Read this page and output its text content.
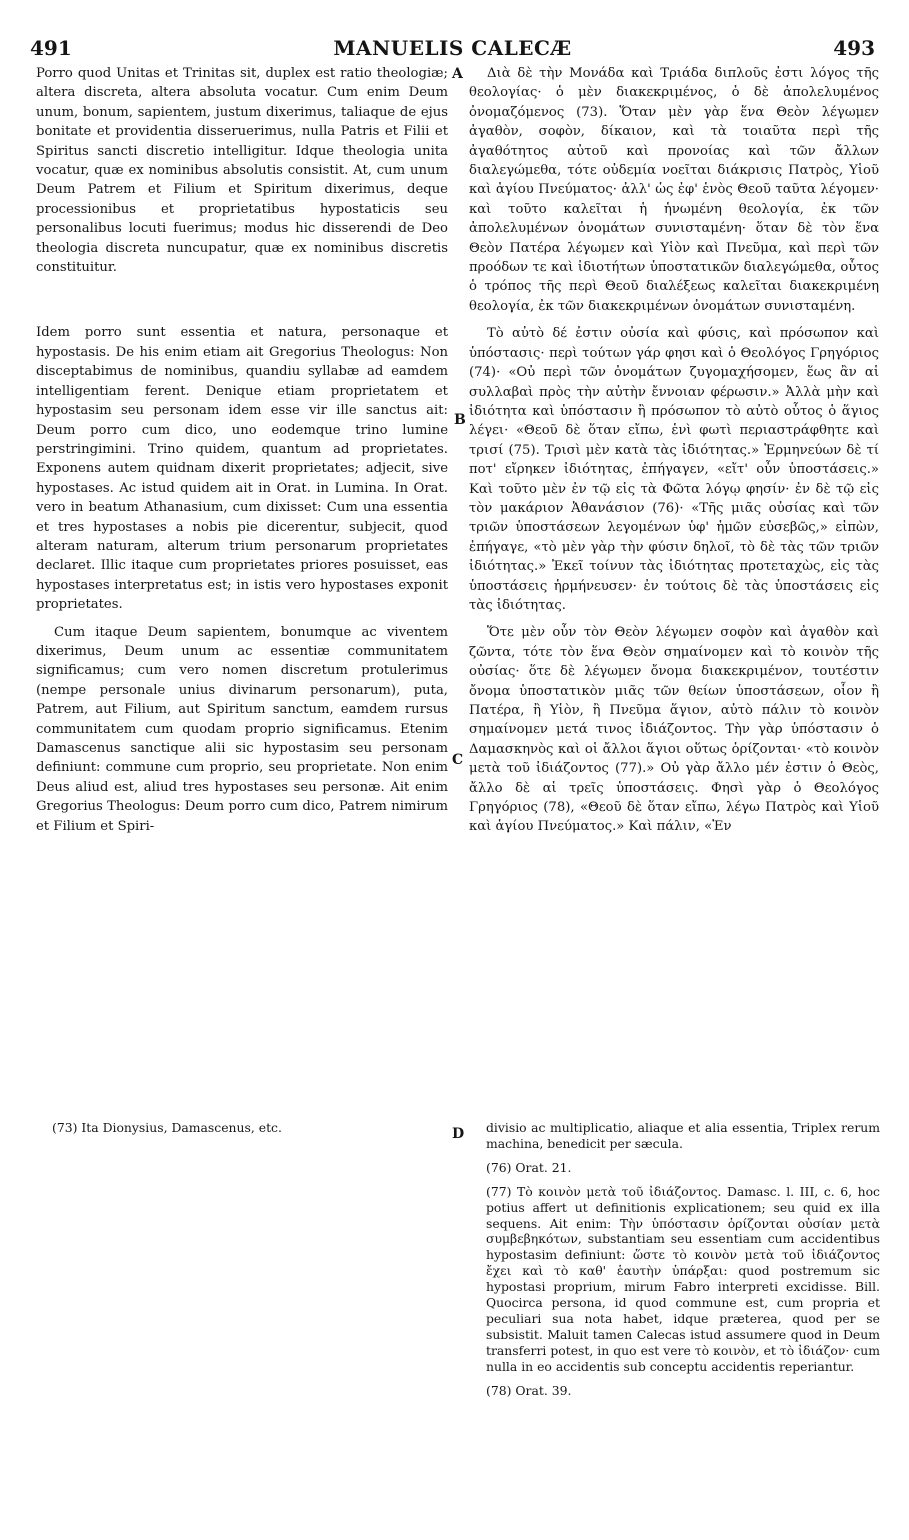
491	MANUELIS CALECÆ	493

Porro quod Unitas et Trinitas sit, duplex est ratio theologiæ; altera discreta, altera absoluta vocatur. Cum enim Deum unum, bonum, sapientem, justum dixerimus, taliaque de ejus bonitate et providentia disseruerimus, nulla Patris et Filii et Spiritus sancti discretio intelligitur. Idque theologia unita vocatur, quæ ex nominibus absolutis consistit. At, cum unum Deum Patrem et Filium et Spiritum dixerimus, deque processionibus et proprietatibus hypostaticis seu personalibus locuti fuerimus; modus hic disserendi de Deo theologia discreta nuncupatur, quæ ex nominibus discretis constituitur.

Idem porro sunt essentia et natura, personaque et hypostasis. De his enim etiam ait Gregorius Theologus: Non disceptabimus de nominibus, quandiu syllabæ ad eamdem intelligentiam ferent. Denique etiam proprietatem et hypostasim seu personam idem esse vir ille sanctus ait: Deum porro cum dico, uno eodemque trino lumine perstringimini. Trino quidem, quantum ad proprietates. Exponens autem quidnam dixerit proprietates; adjecit, sive hypostases. Ac istud quidem ait in Orat. in Lumina. In Orat. vero in beatum Athanasium, cum dixisset: Cum una essentia et tres hypostases a nobis pie dicerentur, subjecit, quod alteram naturam, alterum trium personarum proprietates declaret. Illic itaque cum proprietates priores posuisset, eas hypostases interpretatus est; in istis vero hypostases exponit proprietates.

Cum itaque Deum sapientem, bonumque ac viventem dixerimus, Deum unum ac essentiæ communitatem significamus; cum vero nomen discretum protulerimus (nempe personale unius divinarum personarum), puta, Patrem, aut Filium, aut Spiritum sanctum, eamdem rursus communitatem cum quodam proprio significamus. Etenim Damascenus sanctique alii sic hypostasim seu personam definiunt: commune cum proprio, seu proprietate. Non enim Deus aliud est, aliud tres hypostases seu personæ. Ait enim Gregorius Theologus: Deum porro cum dico, Patrem nimirum et Filium et Spiri-

A
B
C
D

Διὰ δὲ τὴν Μονάδα καὶ Τριάδα διπλοῦς ἐστι λόγος τῆς θεολογίας· ὁ μὲν διακεκριμένος, ὁ δὲ ἀπολελυμένος ὀνομαζόμενος (73). Ὅταν μὲν γὰρ ἕνα Θεὸν λέγωμεν ἀγαθὸν, σοφὸν, δίκαιον, καὶ τὰ τοιαῦτα περὶ τῆς ἀγαθότητος αὐτοῦ καὶ προνοίας καὶ τῶν ἄλλων διαλεγώμεθα, τότε οὐδεμία νοεῖται διάκρισις Πατρὸς, Υἱοῦ καὶ ἁγίου Πνεύματος· ἀλλ' ὡς ἐφ' ἑνὸς Θεοῦ ταῦτα λέγομεν· καὶ τοῦτο καλεῖται ἡ ἡνωμένη θεολογία, ἐκ τῶν ἀπολελυμένων ὀνομάτων συνισταμένη· ὅταν δὲ τὸν ἕνα Θεὸν Πατέρα λέγωμεν καὶ Υἱὸν καὶ Πνεῦμα, καὶ περὶ τῶν προόδων τε καὶ ἰδιοτήτων ὑποστατικῶν διαλεγώμεθα, οὗτος ὁ τρόπος τῆς περὶ Θεοῦ διαλέξεως καλεῖται διακεκριμένη θεολογία, ἐκ τῶν διακεκριμένων ὀνομάτων συνισταμένη.

Τὸ αὐτὸ δέ ἐστιν οὐσία καὶ φύσις, καὶ πρόσωπον καὶ ὑπόστασις· περὶ τούτων γάρ φησι καὶ ὁ Θεολόγος Γρηγόριος (74)· «Οὐ περὶ τῶν ὀνομάτων ζυγομαχήσομεν, ἕως ἂν αἱ συλλαβαὶ πρὸς τὴν αὐτὴν ἔννοιαν φέρωσιν.» Ἀλλὰ μὴν καὶ ἰδιότητα καὶ ὑπόστασιν ἢ πρόσωπον τὸ αὐτὸ οὗτος ὁ ἅγιος λέγει· «Θεοῦ δὲ ὅταν εἴπω, ἑνὶ φωτὶ περιαστράφθητε καὶ τρισί (75). Τρισὶ μὲν κατὰ τὰς ἰδιότητας.» Ἑρμηνεύων δὲ τί ποτ' εἴρηκεν ἰδιότητας, ἐπήγαγεν, «εἴτ' οὖν ὑποστάσεις.» Καὶ τοῦτο μὲν ἐν τῷ εἰς τὰ Φῶτα λόγῳ φησίν· ἐν δὲ τῷ εἰς τὸν μακάριον Ἀθανάσιον (76)· «Τῆς μιᾶς οὐσίας καὶ τῶν τριῶν ὑποστάσεων λεγομένων ὑφ' ἡμῶν εὐσεβῶς,» εἰπὼν, ἐπήγαγε, «τὸ μὲν γὰρ τὴν φύσιν δηλοῖ, τὸ δὲ τὰς τῶν τριῶν ἰδιότητας.» Ἐκεῖ τοίνυν τὰς ἰδιότητας προτεταχὼς, εἰς τὰς ὑποστάσεις ἡρμήνευσεν· ἐν τούτοις δὲ τὰς ὑποστάσεις εἰς τὰς ἰδιότητας.

Ὅτε μὲν οὖν τὸν Θεὸν λέγωμεν σοφὸν καὶ ἀγαθὸν καὶ ζῶντα, τότε τὸν ἕνα Θεὸν σημαίνομεν καὶ τὸ κοινὸν τῆς οὐσίας· ὅτε δὲ λέγωμεν ὄνομα διακεκριμένον, τουτέστιν ὄνομα ὑποστατικὸν μιᾶς τῶν θείων ὑποστάσεων, οἷον ἢ Πατέρα, ἢ Υἱὸν, ἢ Πνεῦμα ἅγιον, αὐτὸ πάλιν τὸ κοινὸν σημαίνομεν μετά τινος ἰδιάζοντος. Τὴν γὰρ ὑπόστασιν ὁ Δαμασκηνὸς καὶ οἱ ἄλλοι ἅγιοι οὕτως ὁρίζονται· «τὸ κοινὸν μετὰ τοῦ ἰδιάζοντος (77).» Οὐ γὰρ ἄλλο μέν ἐστιν ὁ Θεὸς, ἄλλο δὲ αἱ τρεῖς ὑποστάσεις. Φησὶ γὰρ ὁ Θεολόγος Γρηγόριος (78), «Θεοῦ δὲ ὅταν εἴπω, λέγω Πατρὸς καὶ Υἱοῦ καὶ ἁγίου Πνεύματος.» Καὶ πάλιν, «Ἐν

(73) Ita Dionysius, Damascenus, etc.	divisio ac multiplicatio, aliaque et alia essentia, Triplex rerum machina, benedicit per sæcula.

(76) Orat. 21.

(77) Τὸ κοινὸν μετὰ τοῦ ἰδιάζοντος. Damasc. l. III, c. 6, hoc potius affert ut definitionis explicationem; seu quid ex illa sequens. Ait enim: Τὴν ὑπόστασιν ὁρίζονται οὐσίαν μετὰ συμβεβηκότων, substantiam seu essentiam cum accidentibus hypostasim definiunt: ὥστε τὸ κοινὸν μετὰ τοῦ ἰδιάζοντος ἔχει καὶ τὸ καθ' ἑαυτὴν ὑπάρξαι: quod postremum sic hypostasi proprium, mirum Fabro interpreti excidisse. Bill. Quocirca persona, id quod commune est, cum propria et peculiari sua nota habet, idque præterea, quod per se subsistit. Maluit tamen Calecas istud assumere quod in Deum transferri potest, in quo est vere τὸ κοινὸν, et τὸ ἰδιάζον· cum nulla in eo accidentis sub conceptu accidentis reperiantur.

(78) Orat. 39.
